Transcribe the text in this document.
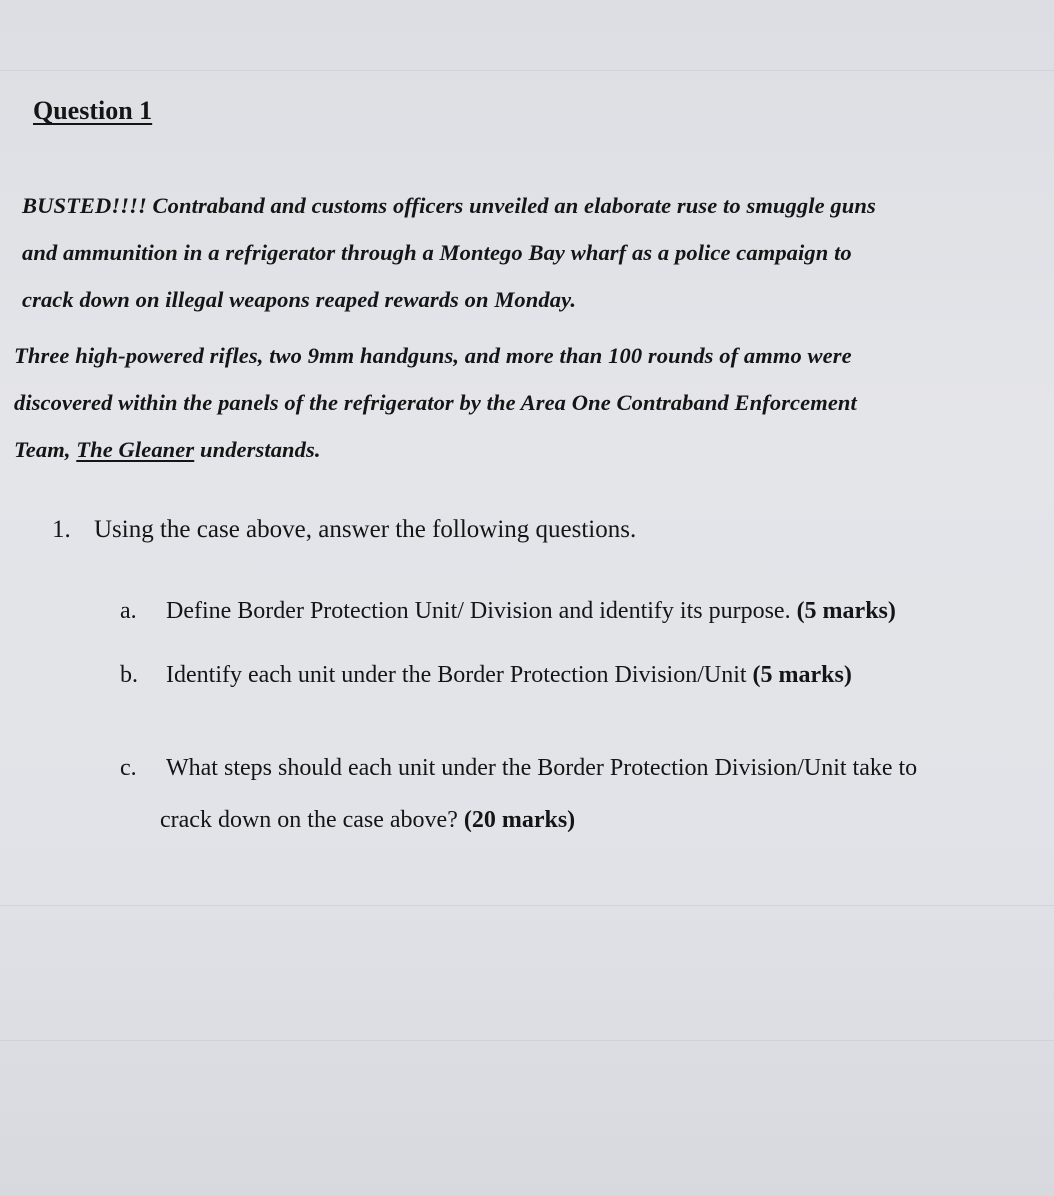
Question 1
BUSTED!!!! Contraband and customs officers unveiled an elaborate ruse to smuggle guns
and ammunition in a refrigerator through a Montego Bay wharf as a police campaign to
crack down on illegal weapons reaped rewards on Monday.
Three high-powered rifles, two 9mm handguns, and more than 100 rounds of ammo were
discovered within the panels of the refrigerator by the Area One Contraband Enforcement
Team, The Gleaner understands.
1. Using the case above, answer the following questions.
a. Define Border Protection Unit/ Division and identify its purpose. (5 marks)
b. Identify each unit under the Border Protection Division/Unit (5 marks)
c. What steps should each unit under the Border Protection Division/Unit take to
crack down on the case above? (20 marks)
